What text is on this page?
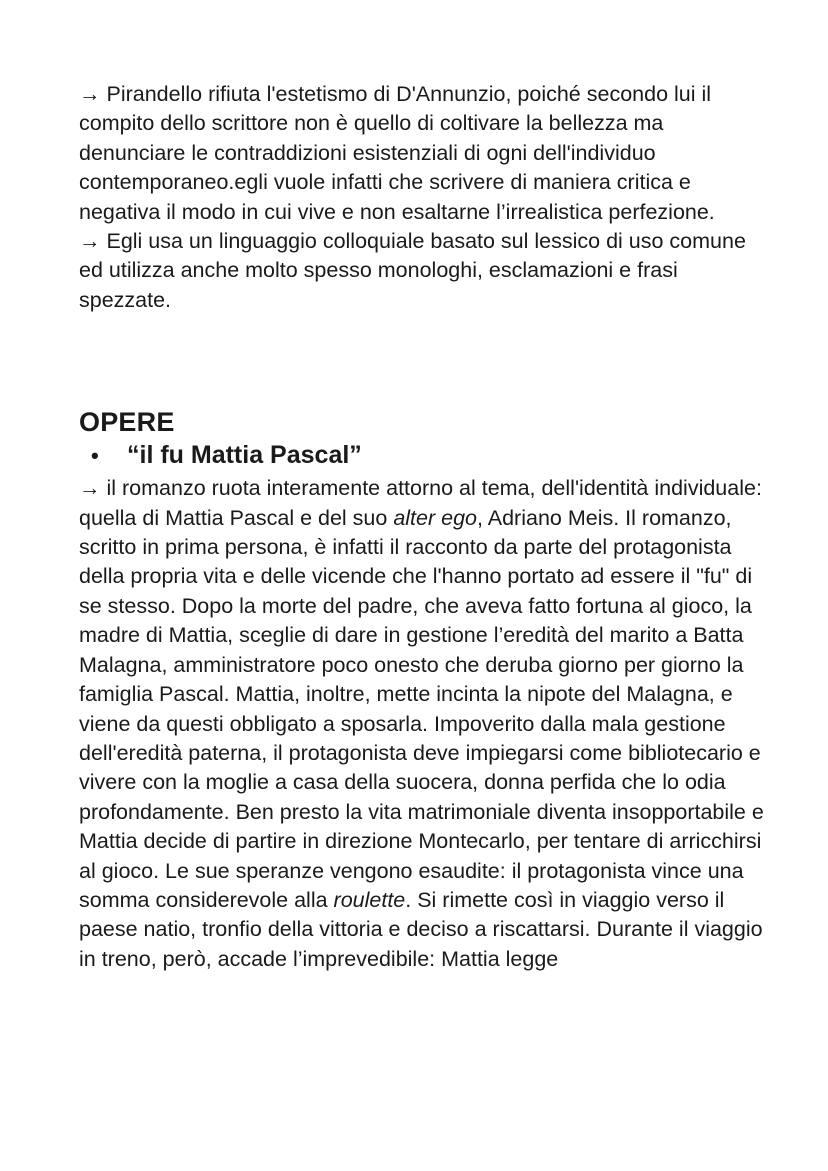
→ Pirandello rifiuta l'estetismo di D'Annunzio, poiché secondo lui il compito dello scrittore non è quello di coltivare la bellezza ma denunciare le contraddizioni esistenziali di ogni dell'individuo contemporaneo.egli vuole infatti che scrivere di maniera critica e negativa il modo in cui vive e non esaltarne l’irrealistica perfezione.

→ Egli usa un linguaggio colloquiale basato sul lessico di uso comune ed utilizza anche molto spesso monologhi, esclamazioni e frasi spezzate.

OPERE
•	“il fu Mattia Pascal”

→ il romanzo ruota interamente attorno al tema, dell'identità individuale: quella di Mattia Pascal e del suo alter ego, Adriano Meis. Il romanzo, scritto in prima persona, è infatti il racconto da parte del protagonista della propria vita e delle vicende che l'hanno portato ad essere il "fu" di se stesso. Dopo la morte del padre, che aveva fatto fortuna al gioco, la madre di Mattia, sceglie di dare in gestione l’eredità del marito a Batta Malagna, amministratore poco onesto che deruba giorno per giorno la famiglia Pascal. Mattia, inoltre, mette incinta la nipote del Malagna, e viene da questi obbligato a sposarla. Impoverito dalla mala gestione dell'eredità paterna, il protagonista deve impiegarsi come bibliotecario e vivere con la moglie a casa della suocera, donna perfida che lo odia profondamente. Ben presto la vita matrimoniale diventa insopportabile e Mattia decide di partire in direzione Montecarlo, per tentare di arricchirsi al gioco. Le sue speranze vengono esaudite: il protagonista vince una somma considerevole alla roulette. Si rimette così in viaggio verso il paese natio, tronfio della vittoria e deciso a riscattarsi. Durante il viaggio in treno, però, accade l’imprevedibile: Mattia legge
